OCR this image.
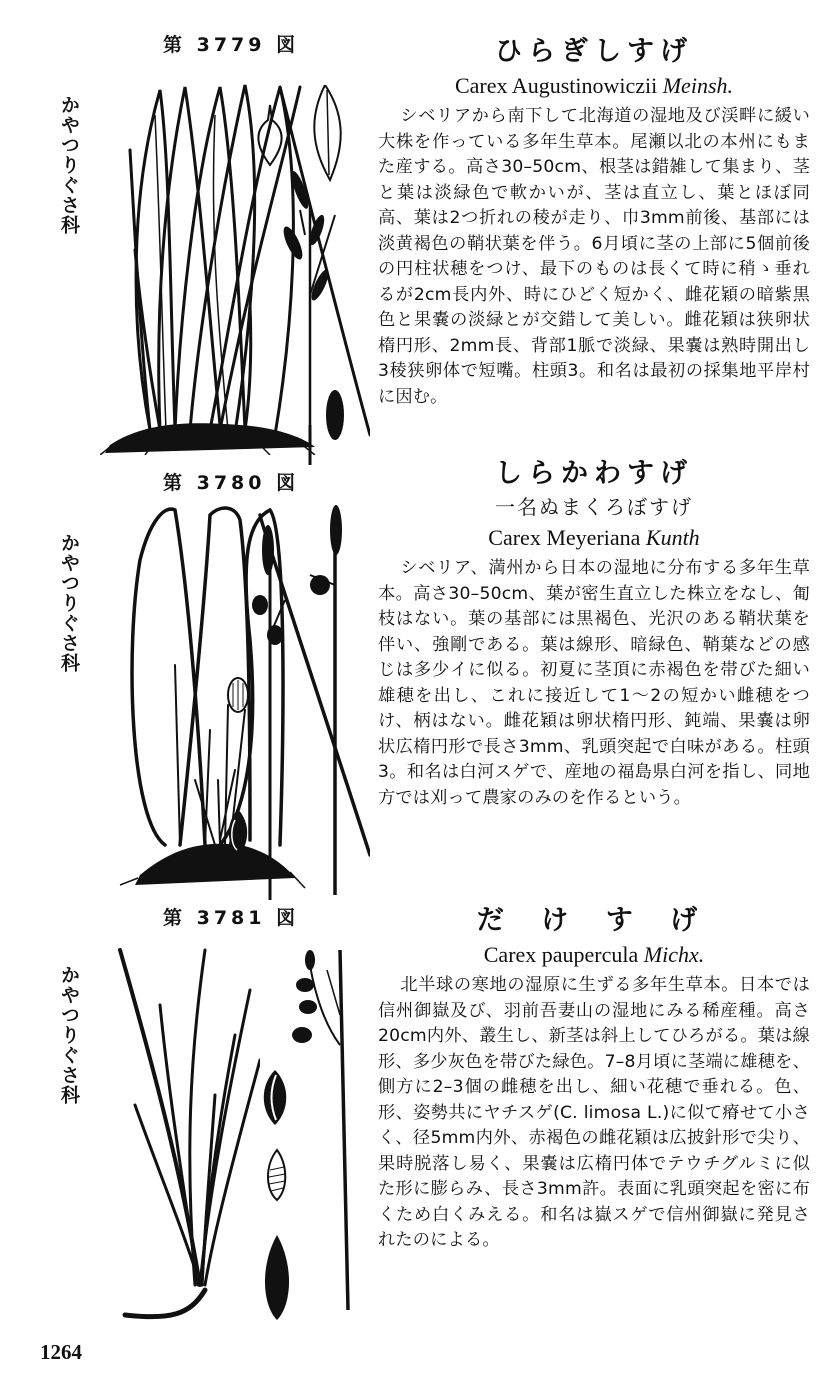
第 3779 図
かやつりぐさ科
ひらぎしすげ
Carex Augustinowiczii Meinsh.
シベリアから南下して北海道の湿地及び渓畔に緩い大株を作っている多年生草本。尾瀬以北の本州にもまた産する。高さ30–50cm、根茎は錯雑して集まり、茎と葉は淡緑色で軟かいが、茎は直立し、葉とほぼ同高、葉は2つ折れの稜が走り、巾3mm前後、基部には淡黄褐色の鞘状葉を伴う。6月頃に茎の上部に5個前後の円柱状穂をつけ、最下のものは長くて時に稍ゝ垂れるが2cm長内外、時にひどく短かく、雌花穎の暗紫黒色と果嚢の淡緑とが交錯して美しい。雌花穎は狭卵状楕円形、2mm長、背部1脈で淡緑、果嚢は熟時開出し3稜狭卵体で短嘴。柱頭3。和名は最初の採集地平岸村に因む。
第 3780 図
かやつりぐさ科
しらかわすげ
一名ぬまくろぼすげ
Carex Meyeriana Kunth
シベリア、満州から日本の湿地に分布する多年生草本。高さ30–50cm、葉が密生直立した株立をなし、匍枝はない。葉の基部には黒褐色、光沢のある鞘状葉を伴い、強剛である。葉は線形、暗緑色、鞘葉などの感じは多少イに似る。初夏に茎頂に赤褐色を帯びた細い雄穂を出し、これに接近して1〜2の短かい雌穂をつけ、柄はない。雌花穎は卵状楕円形、鈍端、果嚢は卵状広楕円形で長さ3mm、乳頭突起で白味がある。柱頭 3。和名は白河スゲで、産地の福島県白河を指し、同地方では刈って農家のみのを作るという。
第 3781 図
かやつりぐさ科
だ け す げ
Carex paupercula Michx.
北半球の寒地の湿原に生ずる多年生草本。日本では信州御嶽及び、羽前吾妻山の湿地にみる稀産種。高さ20cm内外、叢生し、新茎は斜上してひろがる。葉は線形、多少灰色を帯びた緑色。7–8月頃に茎端に雄穂を、側方に2–3個の雌穂を出し、細い花穂で垂れる。色、形、姿勢共にヤチスゲ(C. limosa L.)に似て瘠せて小さく、径5mm内外、赤褐色の雌花穎は広披針形で尖り、果時脱落し易く、果嚢は広楕円体でテウチグルミに似た形に膨らみ、長さ3mm許。表面に乳頭突起を密に布くため白くみえる。和名は嶽スゲで信州御嶽に発見されたのによる。
1264
